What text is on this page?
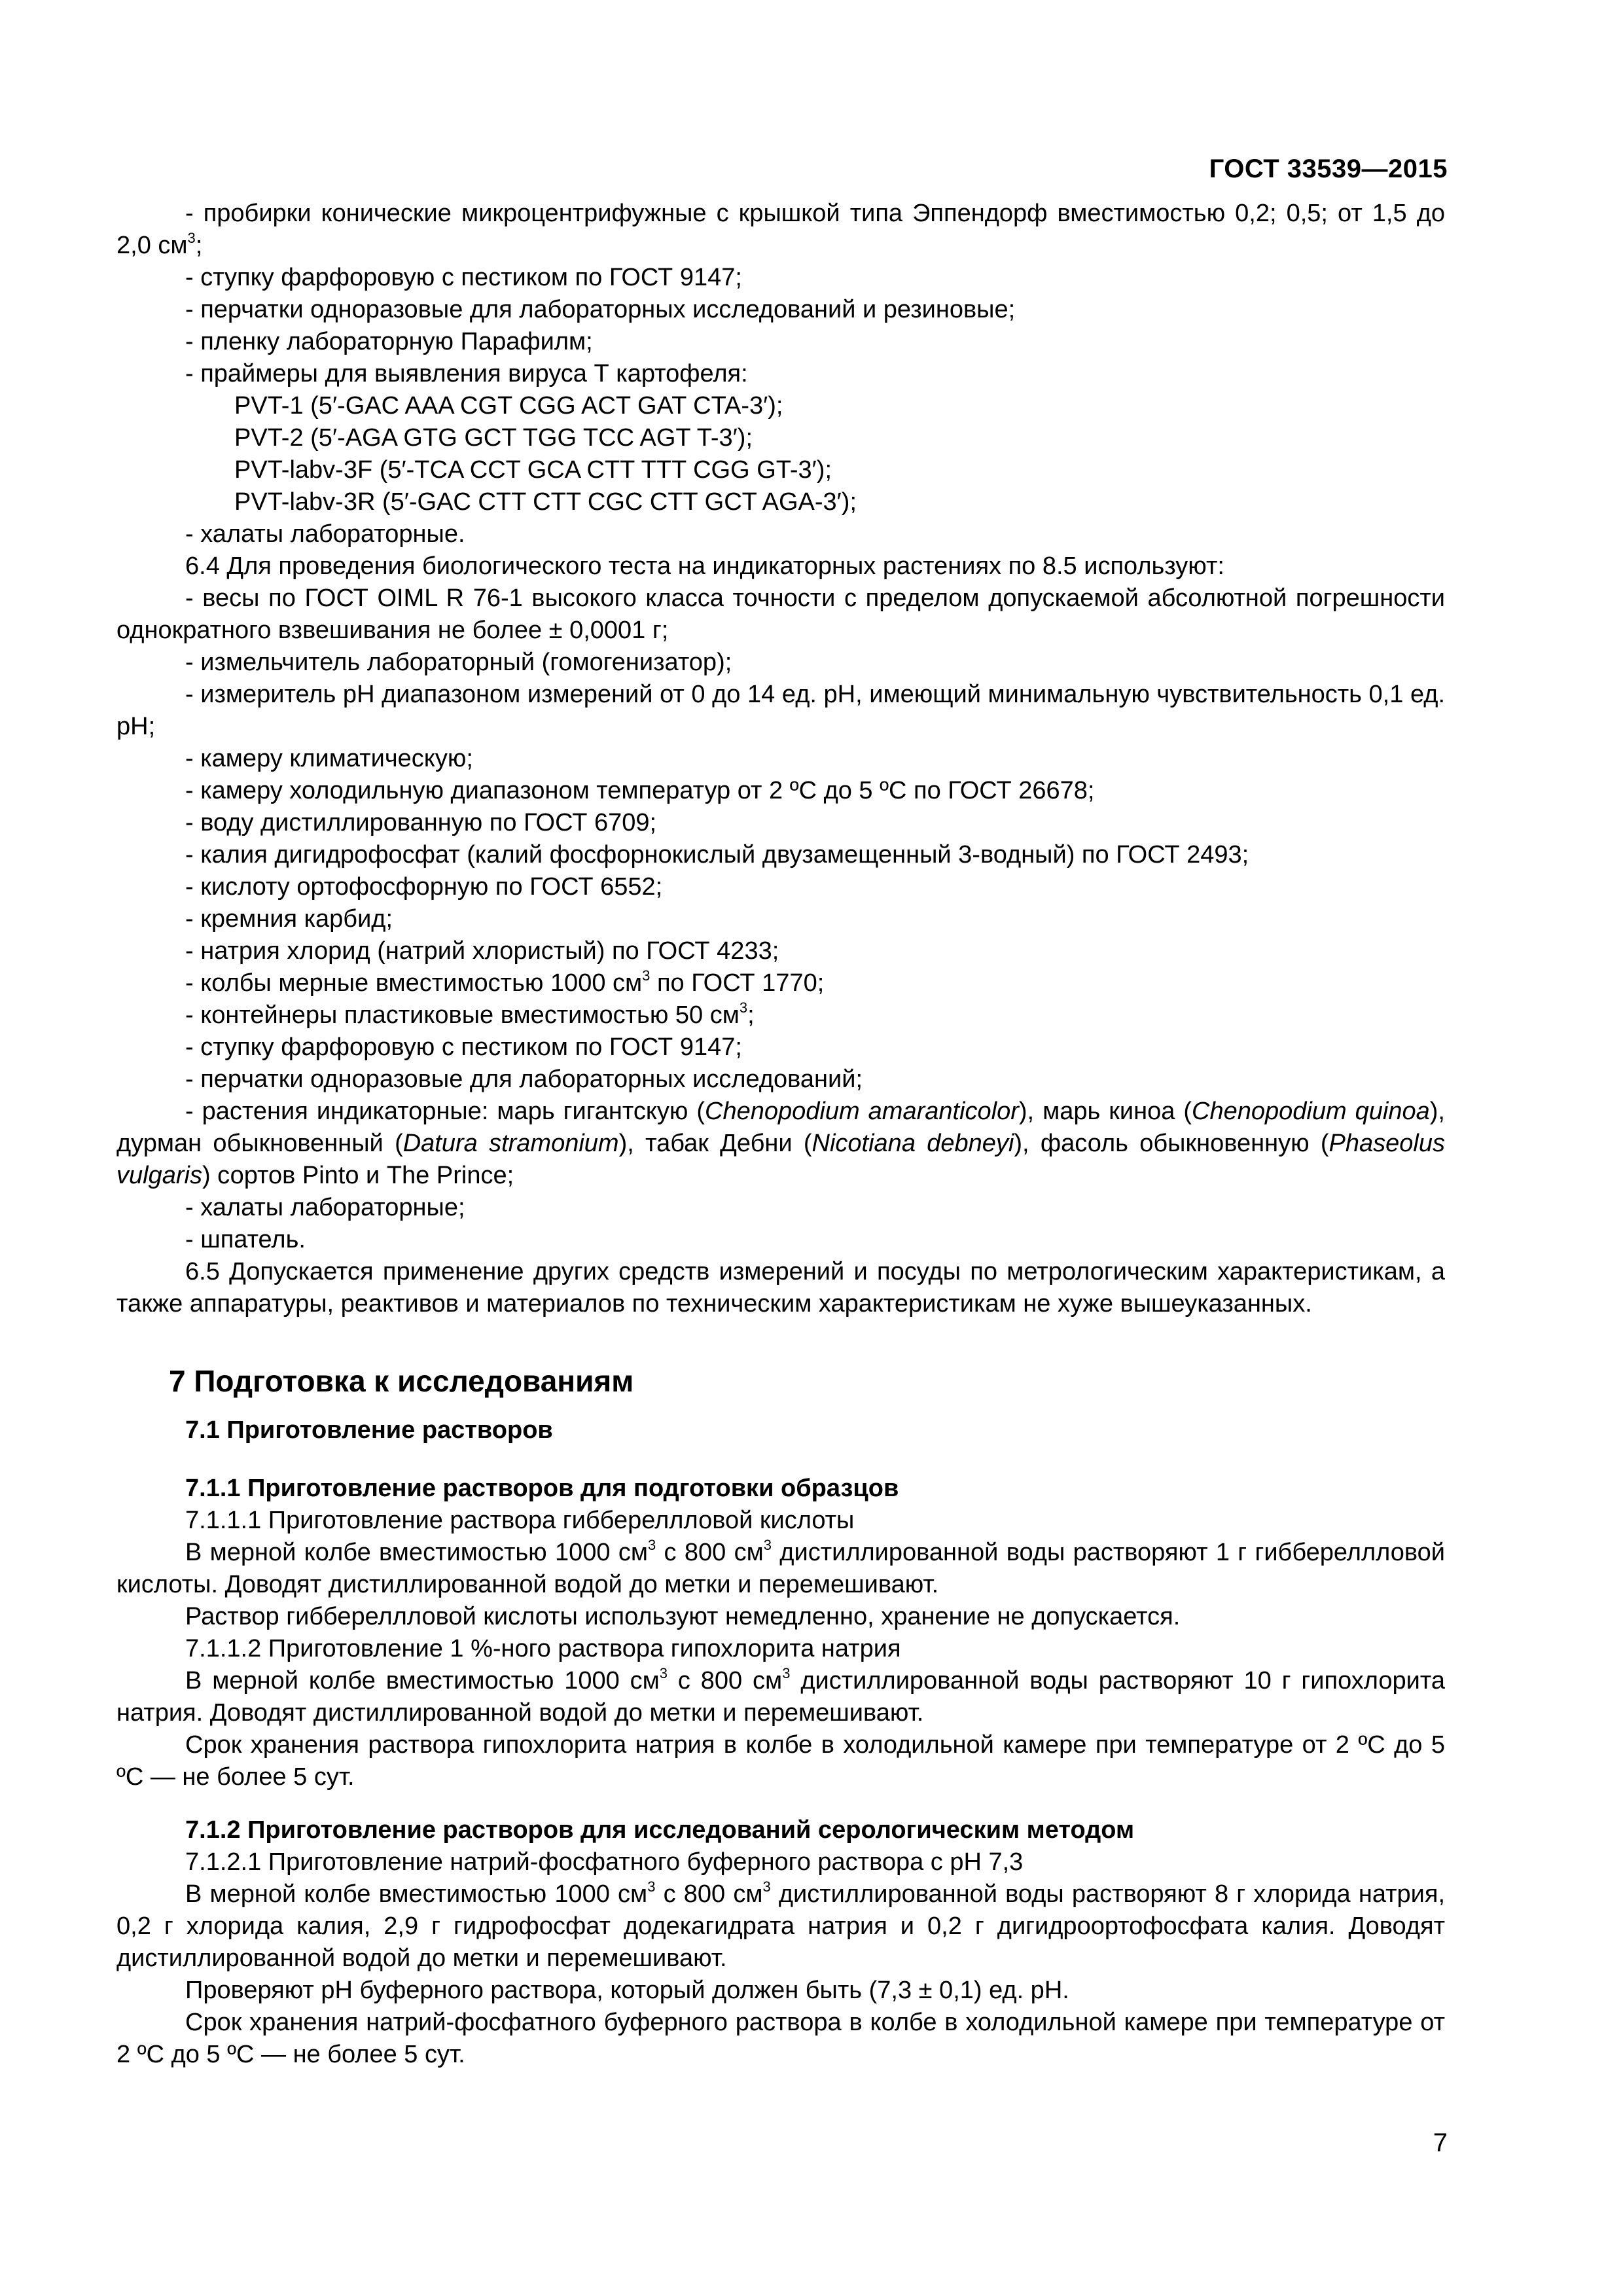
ГОСТ 33539—2015

- пробирки конические микроцентрифужные с крышкой типа Эппендорф вместимостью 0,2; 0,5; от 1,5 до 2,0 $см^3$;

- ступку фарфоровую с пестиком по ГОСТ 9147;

- перчатки одноразовые для лабораторных исследований и резиновые;

- пленку лабораторную Парафилм;

- праймеры для выявления вируса Т картофеля:

PVT-1 (5′-GAC AAA CGT CGG ACT GAT CTA-3′);

PVT-2 (5′-AGA GTG GCT TGG TCC AGT T-3′);

PVT-labv-3F (5′-TCA CCT GCA CTT TTT CGG GT-3′);

PVT-labv-3R (5′-GAC CTT CTT CGC CTT GCT AGA-3′);

- халаты лабораторные.

6.4 Для проведения биологического теста на индикаторных растениях по 8.5 используют:

- весы по ГОСТ OIML R 76-1 высокого класса точности с пределом допускаемой абсолютной погрешности однократного взвешивания не более ± 0,0001 г;

- измельчитель лабораторный (гомогенизатор);

- измеритель pH диапазоном измерений от 0 до 14 ед. pH, имеющий минимальную чувствительность 0,1 ед. pH;

- камеру климатическую;

- камеру холодильную диапазоном температур от 2 ºС до 5 ºС по ГОСТ 26678;

- воду дистиллированную по ГОСТ 6709;

- калия дигидрофосфат (калий фосфорнокислый двузамещенный 3-водный) по ГОСТ 2493;

- кислоту ортофосфорную по ГОСТ 6552;

- кремния карбид;

- натрия хлорид (натрий хлористый) по ГОСТ 4233;

- колбы мерные вместимостью 1000 $см^3$ по ГОСТ 1770;

- контейнеры пластиковые вместимостью 50 $см^3$;

- ступку фарфоровую с пестиком по ГОСТ 9147;

- перчатки одноразовые для лабораторных исследований;

- растения индикаторные: марь гигантскую (Chenopodium amaranticolor), марь киноа (Chenopodium quinoa), дурман обыкновенный (Datura stramonium), табак Дебни (Nicotiana debneyi), фасоль обыкновенную (Phaseolus vulgaris) сортов Pinto и The Prince;

- халаты лабораторные;

- шпатель.

6.5 Допускается применение других средств измерений и посуды по метрологическим характеристикам, а также аппаратуры, реактивов и материалов по техническим характеристикам не хуже вышеуказанных.

7 Подготовка к исследованиям

7.1 Приготовление растворов

7.1.1 Приготовление растворов для подготовки образцов

7.1.1.1 Приготовление раствора гиббереллловой кислоты

В мерной колбе вместимостью 1000 $см^3$ с 800 $см^3$ дистиллированной воды растворяют 1 г гиббереллловой кислоты. Доводят дистиллированной водой до метки и перемешивают.

Раствор гиббереллловой кислоты используют немедленно, хранение не допускается.

7.1.1.2 Приготовление 1 %-ного раствора гипохлорита натрия

В мерной колбе вместимостью 1000 $см^3$ с 800 $см^3$ дистиллированной воды растворяют 10 г гипохлорита натрия. Доводят дистиллированной водой до метки и перемешивают.

Срок хранения раствора гипохлорита натрия в колбе в холодильной камере при температуре от 2 ºС до 5 ºС — не более 5 сут.

7.1.2 Приготовление растворов для исследований серологическим методом

7.1.2.1 Приготовление натрий-фосфатного буферного раствора с pH 7,3

В мерной колбе вместимостью 1000 $см^3$ с 800 $см^3$ дистиллированной воды растворяют 8 г хлорида натрия, 0,2 г хлорида калия, 2,9 г гидрофосфат додекагидрата натрия и 0,2 г дигидроортофосфата калия. Доводят дистиллированной водой до метки и перемешивают.

Проверяют pH буферного раствора, который должен быть (7,3 ± 0,1) ед. pH.

Срок хранения натрий-фосфатного буферного раствора в колбе в холодильной камере при температуре от 2 ºС до 5 ºС — не более 5 сут.

7
